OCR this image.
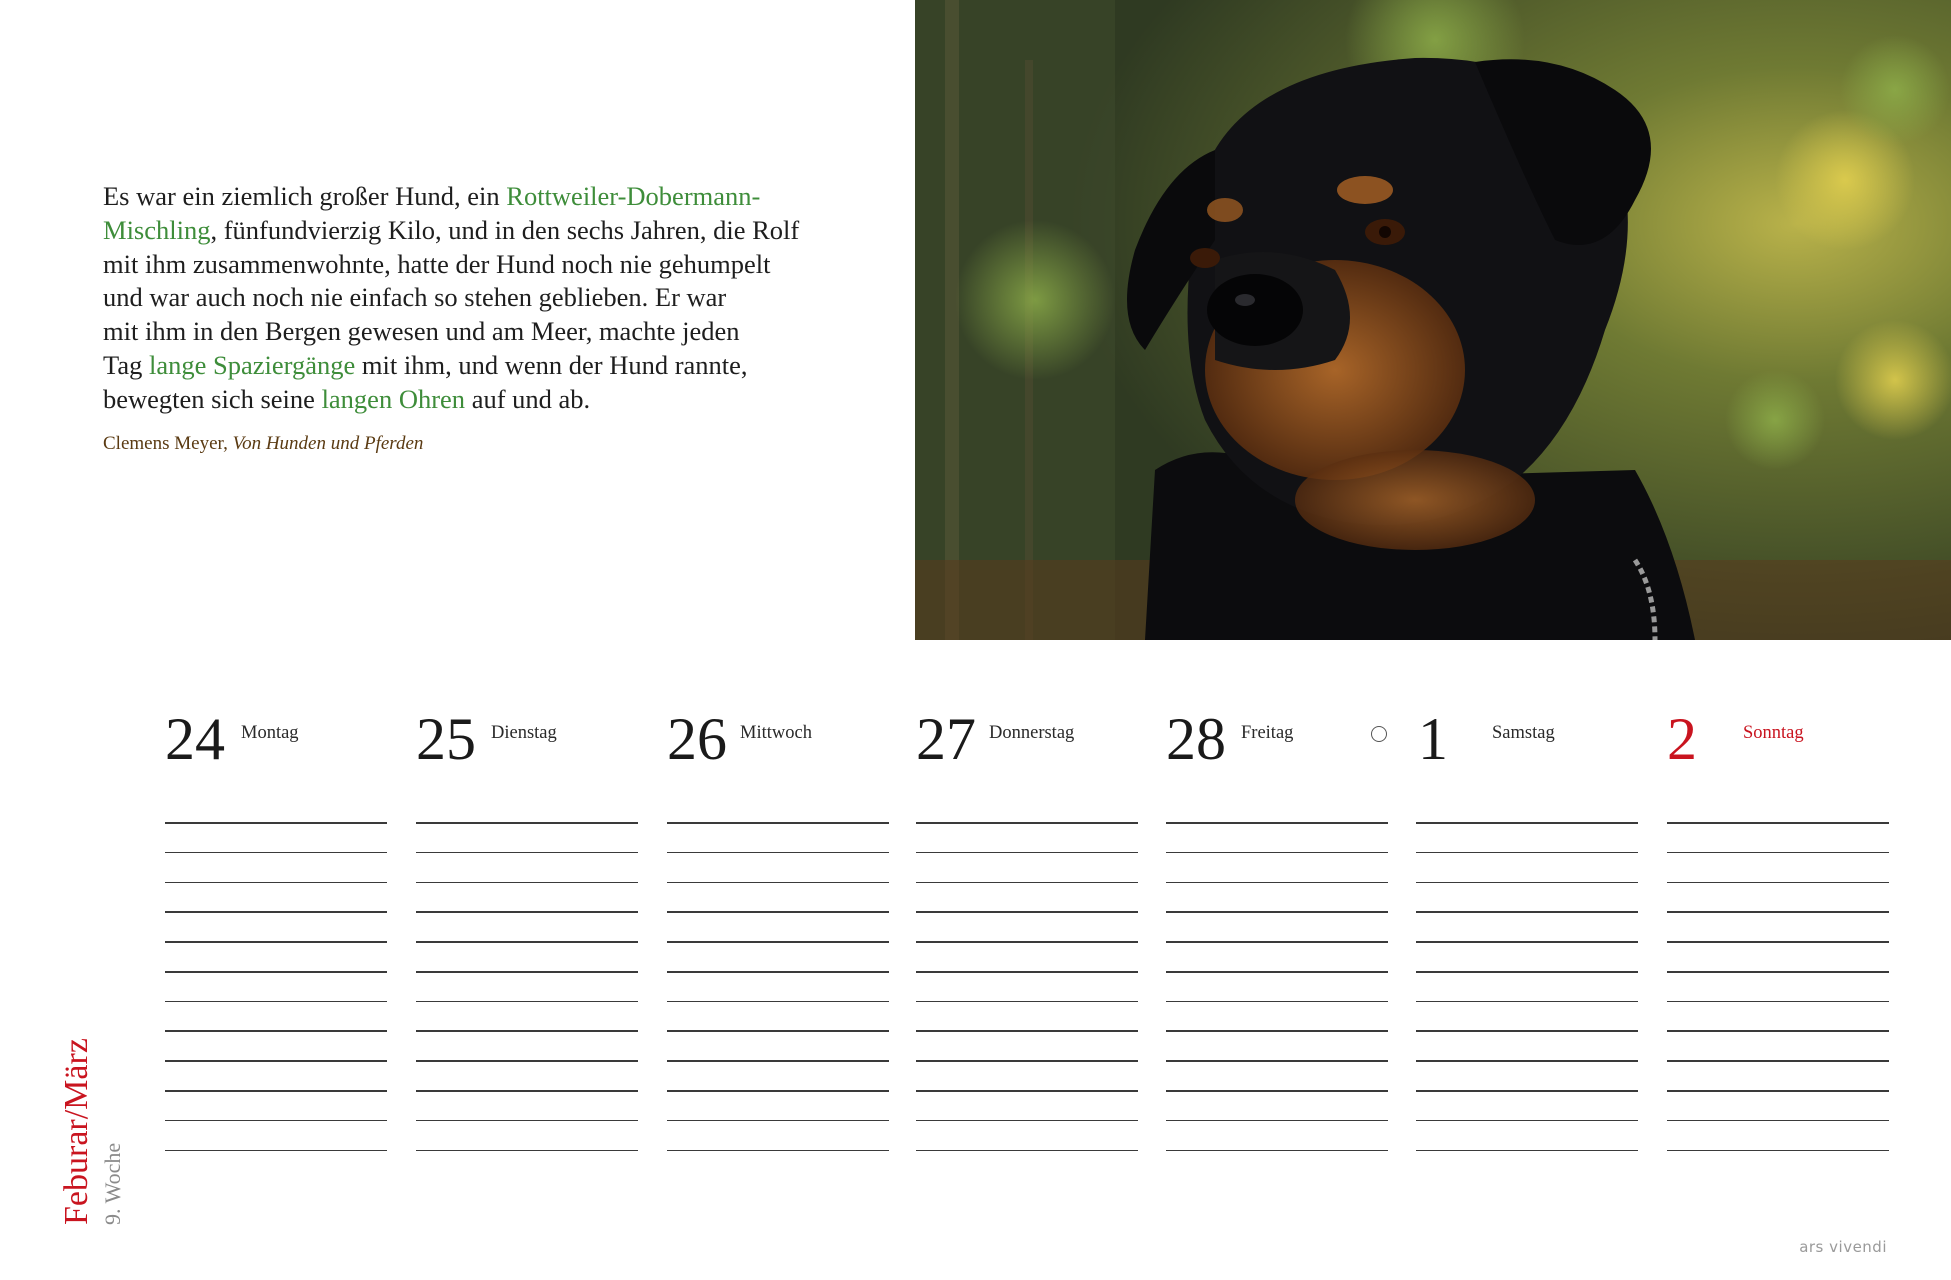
Es war ein ziemlich großer Hund, ein Rottweiler-Dobermann-
Mischling, fünfundvierzig Kilo, und in den sechs Jahren, die Rolf
mit ihm zusammenwohnte, hatte der Hund noch nie gehumpelt
und war auch noch nie einfach so stehen geblieben. Er war
mit ihm in den Bergen gewesen und am Meer, machte jeden
Tag lange Spaziergänge mit ihm, und wenn der Hund rannte,
bewegten sich seine langen Ohren auf und ab.

Clemens Meyer, Von Hunden und Pferden
24 Montag 25 Dienstag 26 Mittwoch 27 Donnerstag 28 Freitag 1 Samstag 2 Sonntag
Feburar/März 9. Woche
ars vivendi
